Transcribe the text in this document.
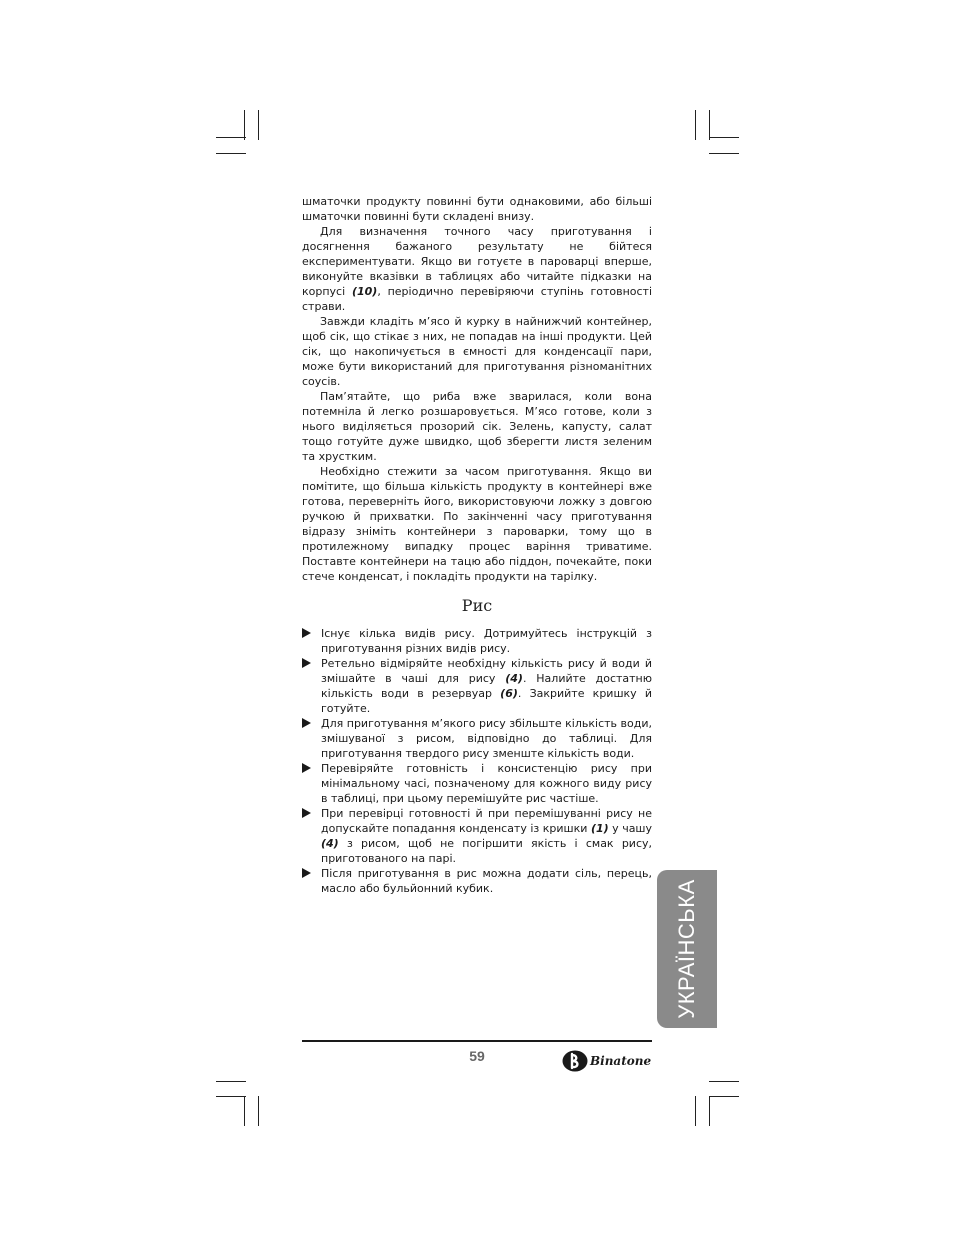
шматочки продукту повинні бути однаковими, або більші шматочки повинні бути складені внизу.

Для визначення точного часу приготування і досягнення бажаного результату не бійтеся експериментувати. Якщо ви готуєте в пароварці вперше, виконуйте вказівки в таблицях або читайте підказки на корпусі (10), періодично перевіряючи ступінь готовності страви.

Завжди кладіть м’ясо й курку в найнижчий контейнер, щоб сік, що стікає з них, не попадав на інші продукти. Цей сік, що накопичується в ємності для конденсації пари, може бути використаний для приготування різноманітних соусів.

Пам’ятайте, що риба вже зварилася, коли вона потемніла й легко розшаровується. М’ясо готове, коли з нього виділяється прозорий сік. Зелень, капусту, салат тощо готуйте дуже швидко, щоб зберегти листя зеленим та хрустким.

Необхідно стежити за часом приготування. Якщо ви помітите, що більша кількість продукту в контейнері вже готова, переверніть його, використовуючи ложку з довгою ручкою й прихватки. По закінченні часу приготування відразу зніміть контейнери з пароварки, тому що в протилежному випадку процес варіння триватиме. Поставте контейнери на тацю або піддон, почекайте, поки стече конденсат, і покладіть продукти на тарілку.

Рис
Існує кілька видів рису. Дотримуйтесь інструкцій з приготування різних видів рису.
Ретельно відміряйте необхідну кількість рису й води й змішайте в чаші для рису (4). Налийте достатню кількість води в резервуар (6). Закрийте кришку й готуйте.
Для приготування м’якого рису збільште кількість води, змішуваної з рисом, відповідно до таблиці. Для приготування твердого рису зменште кількість води.
Перевіряйте готовність і консистенцію рису при мінімальному часі, позначеному для кожного виду рису в таблиці, при цьому перемішуйте рис частіше.
При перевірці готовності й при перемішуванні рису не допускайте попадання конденсату із кришки (1) у чашу (4) з рисом, щоб не погіршити якість і смак рису, приготованого на парі.
Після приготування в рис можна додати сіль, перець, масло або бульйонний кубик.	УКРАЇНСЬКА
59	Binatone
